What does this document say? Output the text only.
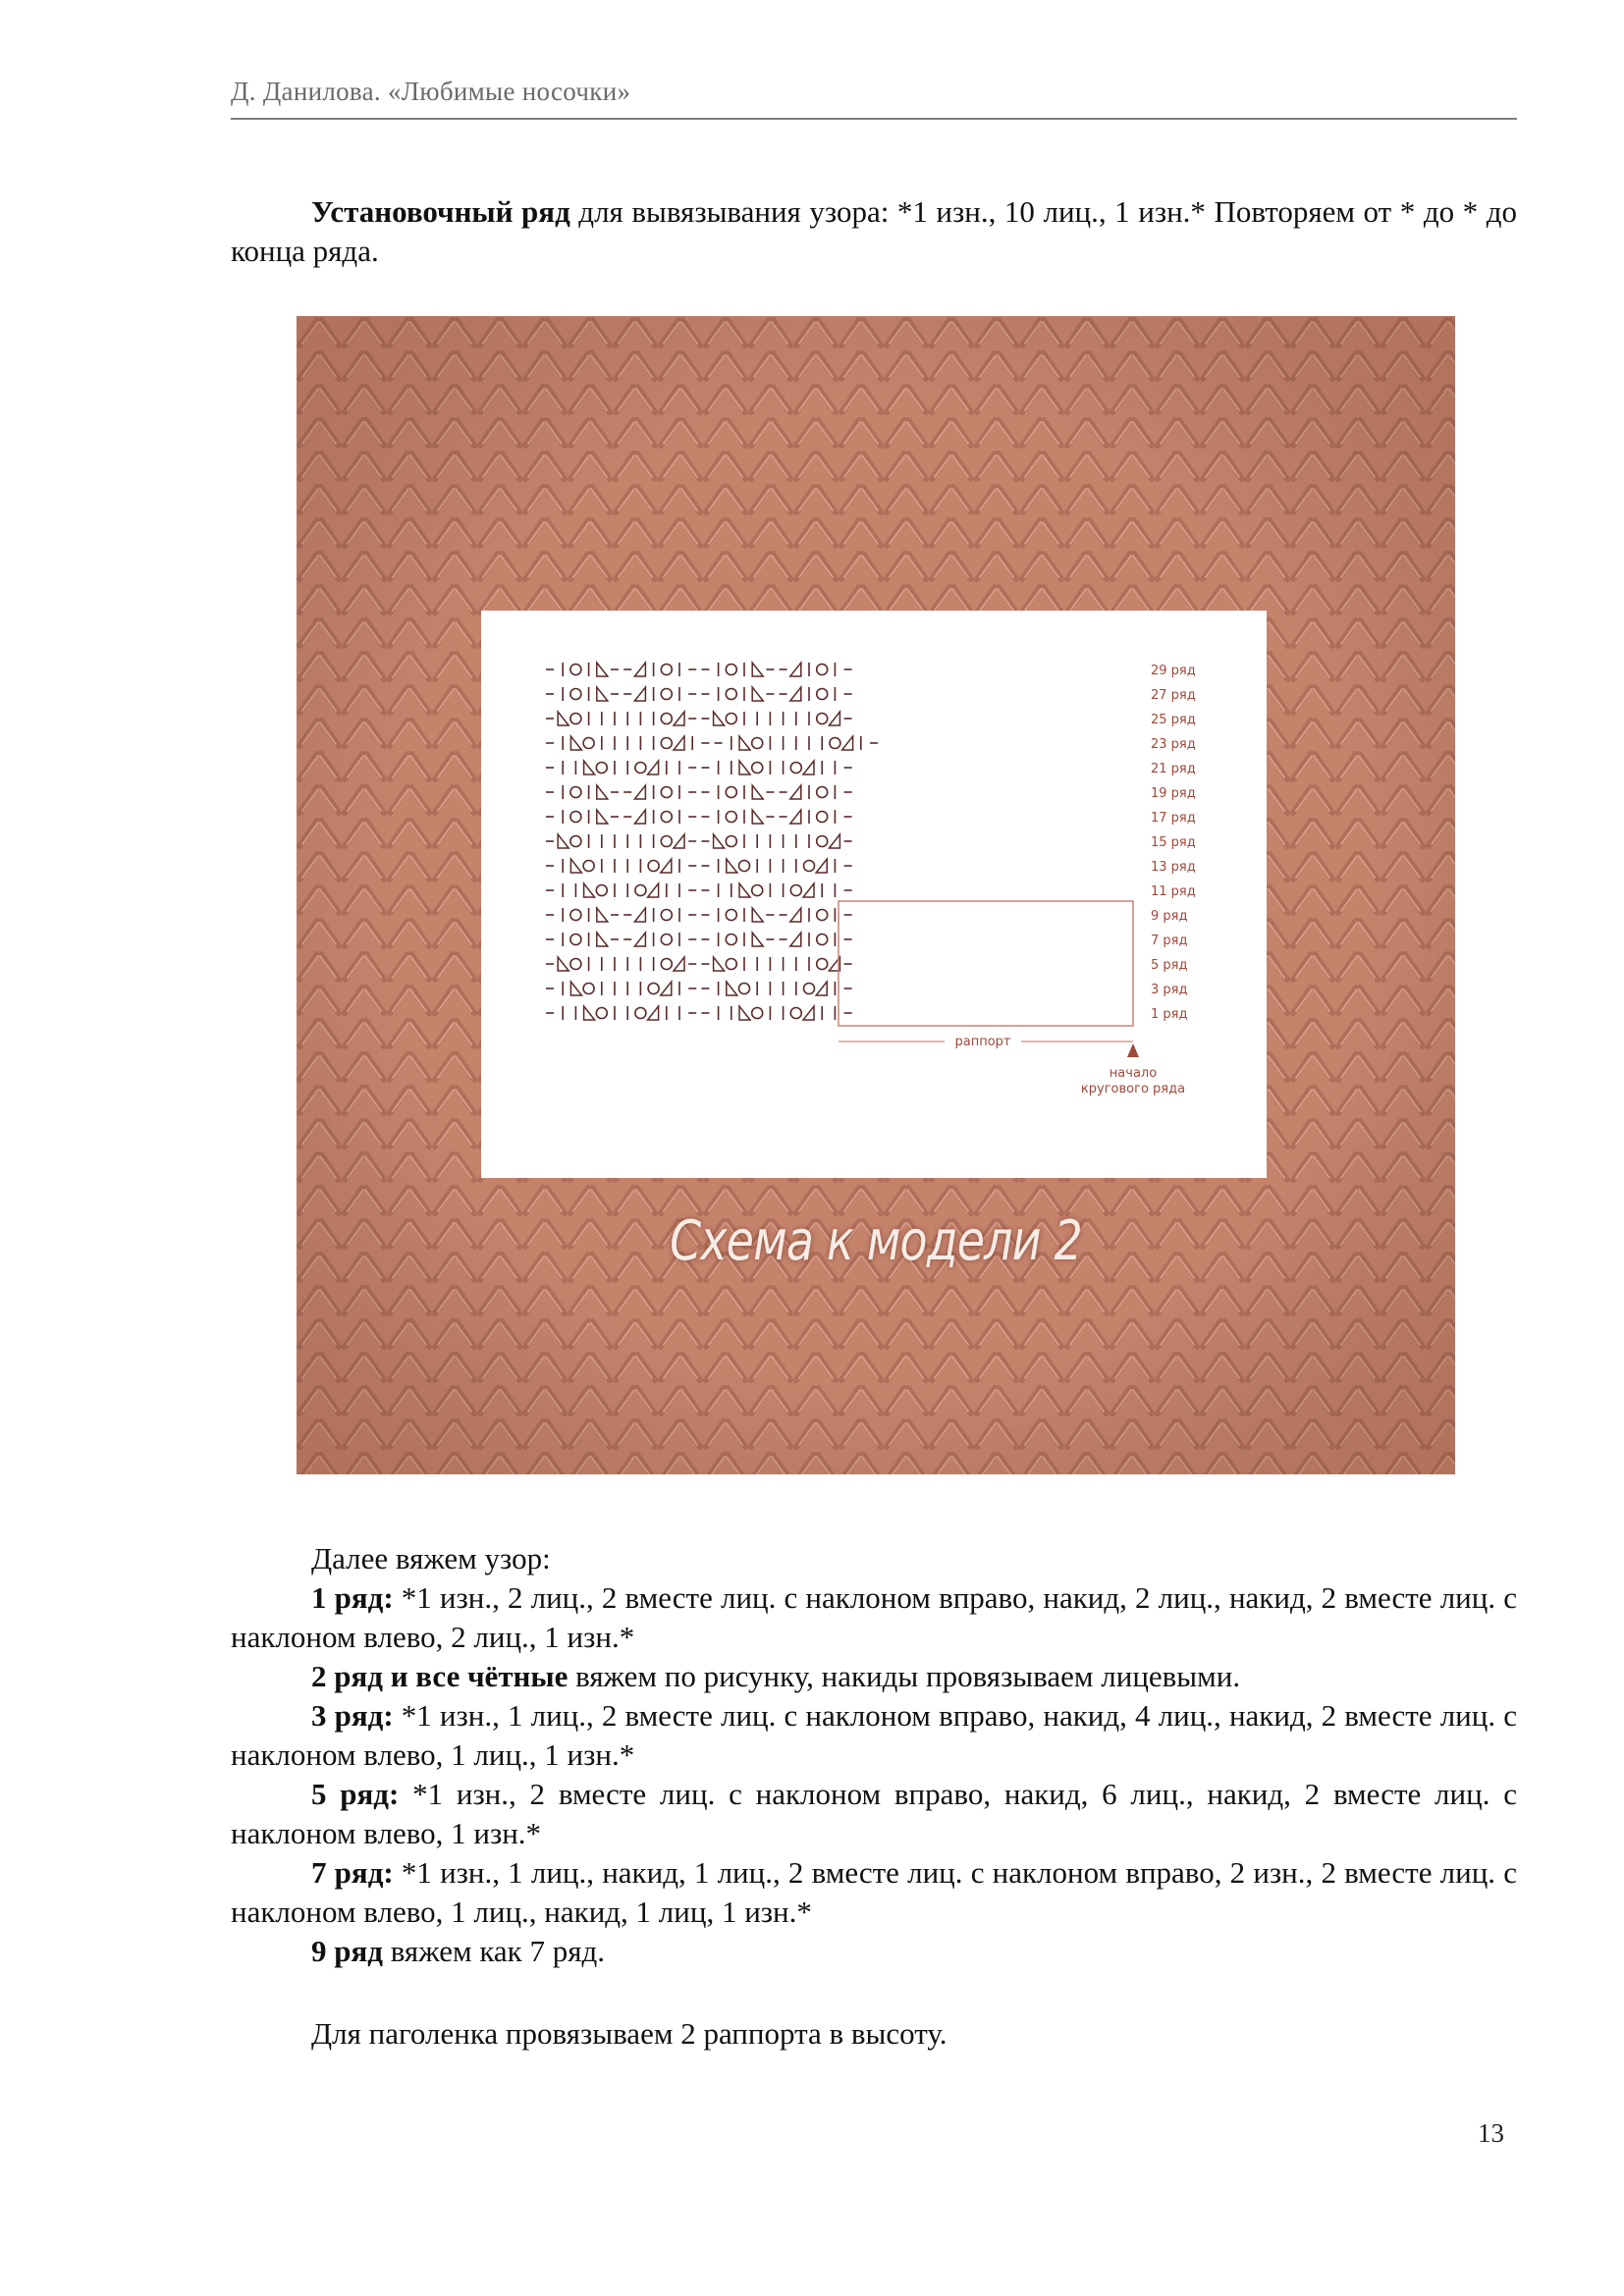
Д. Данилова. «Любимые носочки»

Установочный ряд для вывязывания узора: *1 изн., 10 лиц., 1 изн.* Повторяем от * до * до конца ряда.

29 ряд
27 ряд
25 ряд
23 ряд
21 ряд
19 ряд
17 ряд
15 ряд
13 ряд
11 ряд
9 ряд
7 ряд
5 ряд
3 ряд
1 ряд
раппорт
начало
кругового ряда
Схема к модели 2

Далее вяжем узор:

1 ряд: *1 изн., 2 лиц., 2 вместе лиц. с наклоном вправо, накид, 2 лиц., накид, 2 вместе лиц. с наклоном влево, 2 лиц., 1 изн.*

2 ряд и все чётные вяжем по рисунку, накиды провязываем лицевыми.

3 ряд: *1 изн., 1 лиц., 2 вместе лиц. с наклоном вправо, накид, 4 лиц., накид, 2 вместе лиц. с наклоном влево, 1 лиц., 1 изн.*

5 ряд: *1 изн., 2 вместе лиц. с наклоном вправо, накид, 6 лиц., накид, 2 вместе лиц. с наклоном влево, 1 изн.*

7 ряд: *1 изн., 1 лиц., накид, 1 лиц., 2 вместе лиц. с наклоном вправо, 2 изн., 2 вместе лиц. с наклоном влево, 1 лиц., накид, 1 лиц, 1 изн.*

9 ряд вяжем как 7 ряд.

Для паголенка провязываем 2 раппорта в высоту.

13
